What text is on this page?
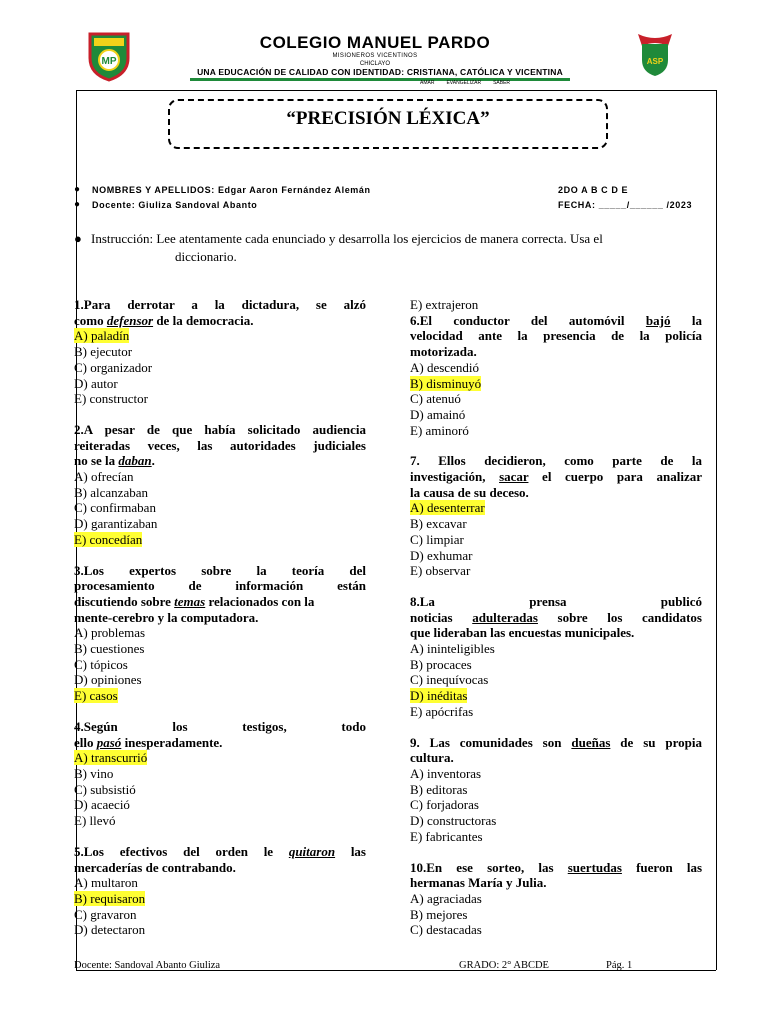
MP	ASP
COLEGIO MANUEL PARDO
MISIONEROS VICENTINOS
CHICLAYO
UNA EDUCACIÓN DE CALIDAD CON IDENTIDAD: CRISTIANA, CATÓLICA Y VICENTINA
AMAR EVANGELIZAR SABER
“PRECISIÓN LÉXICA”
● NOMBRES Y APELLIDOS: Edgar Aaron Fernández Alemán	2DO A B C D E
● Docente: Giuliza Sandoval Abanto	FECHA: _____/______ /2023
● Instrucción: Lee atentamente cada enunciado y desarrolla los ejercicios de manera correcta. Usa el
diccionario.
1.Para derrotar a la dictadura, se alzó
como defensor de la democracia.
A) paladín
B) ejecutor
C) organizador
D) autor
E) constructor
2.A pesar de que había solicitado audiencia
reiteradas veces, las autoridades judiciales
no se la daban.
A) ofrecían
B) alcanzaban
C) confirmaban
D) garantizaban
E) concedían
3.Los expertos sobre la teoría del
procesamiento de información están
discutiendo sobre temas relacionados con la
mente-cerebro y la computadora.
A) problemas
B) cuestiones
C) tópicos
D) opiniones
E) casos
4.Según los testigos, todo
ello pasó inesperadamente.
A) transcurrió
B) vino
C) subsistió
D) acaeció
E) llevó
5.Los efectivos del orden le quitaron las
mercaderías de contrabando.
A) multaron
B) requisaron
C) gravaron
D) detectaron
E) extrajeron
6.El conductor del automóvil bajó la
velocidad ante la presencia de la policía
motorizada.
A) descendió
B) disminuyó
C) atenuó
D) amainó
E) aminoró
7. Ellos decidieron, como parte de la
investigación, sacar el cuerpo para analizar
la causa de su deceso.
A) desenterrar
B) excavar
C) limpiar
D) exhumar
E) observar
8.La prensa publicó
noticias adulteradas sobre los candidatos
que lideraban las encuestas municipales.
A) ininteligibles
B) procaces
C) inequívocas
D) inéditas
E) apócrifas
9. Las comunidades son dueñas de su propia
cultura.
A) inventoras
B) editoras
C) forjadoras
D) constructoras
E) fabricantes
10.En ese sorteo, las suertudas fueron las
hermanas María y Julia.
A) agraciadas
B) mejores
C) destacadas
Docente: Sandoval Abanto Giuliza	GRADO: 2° ABCDE	Pág. 1
